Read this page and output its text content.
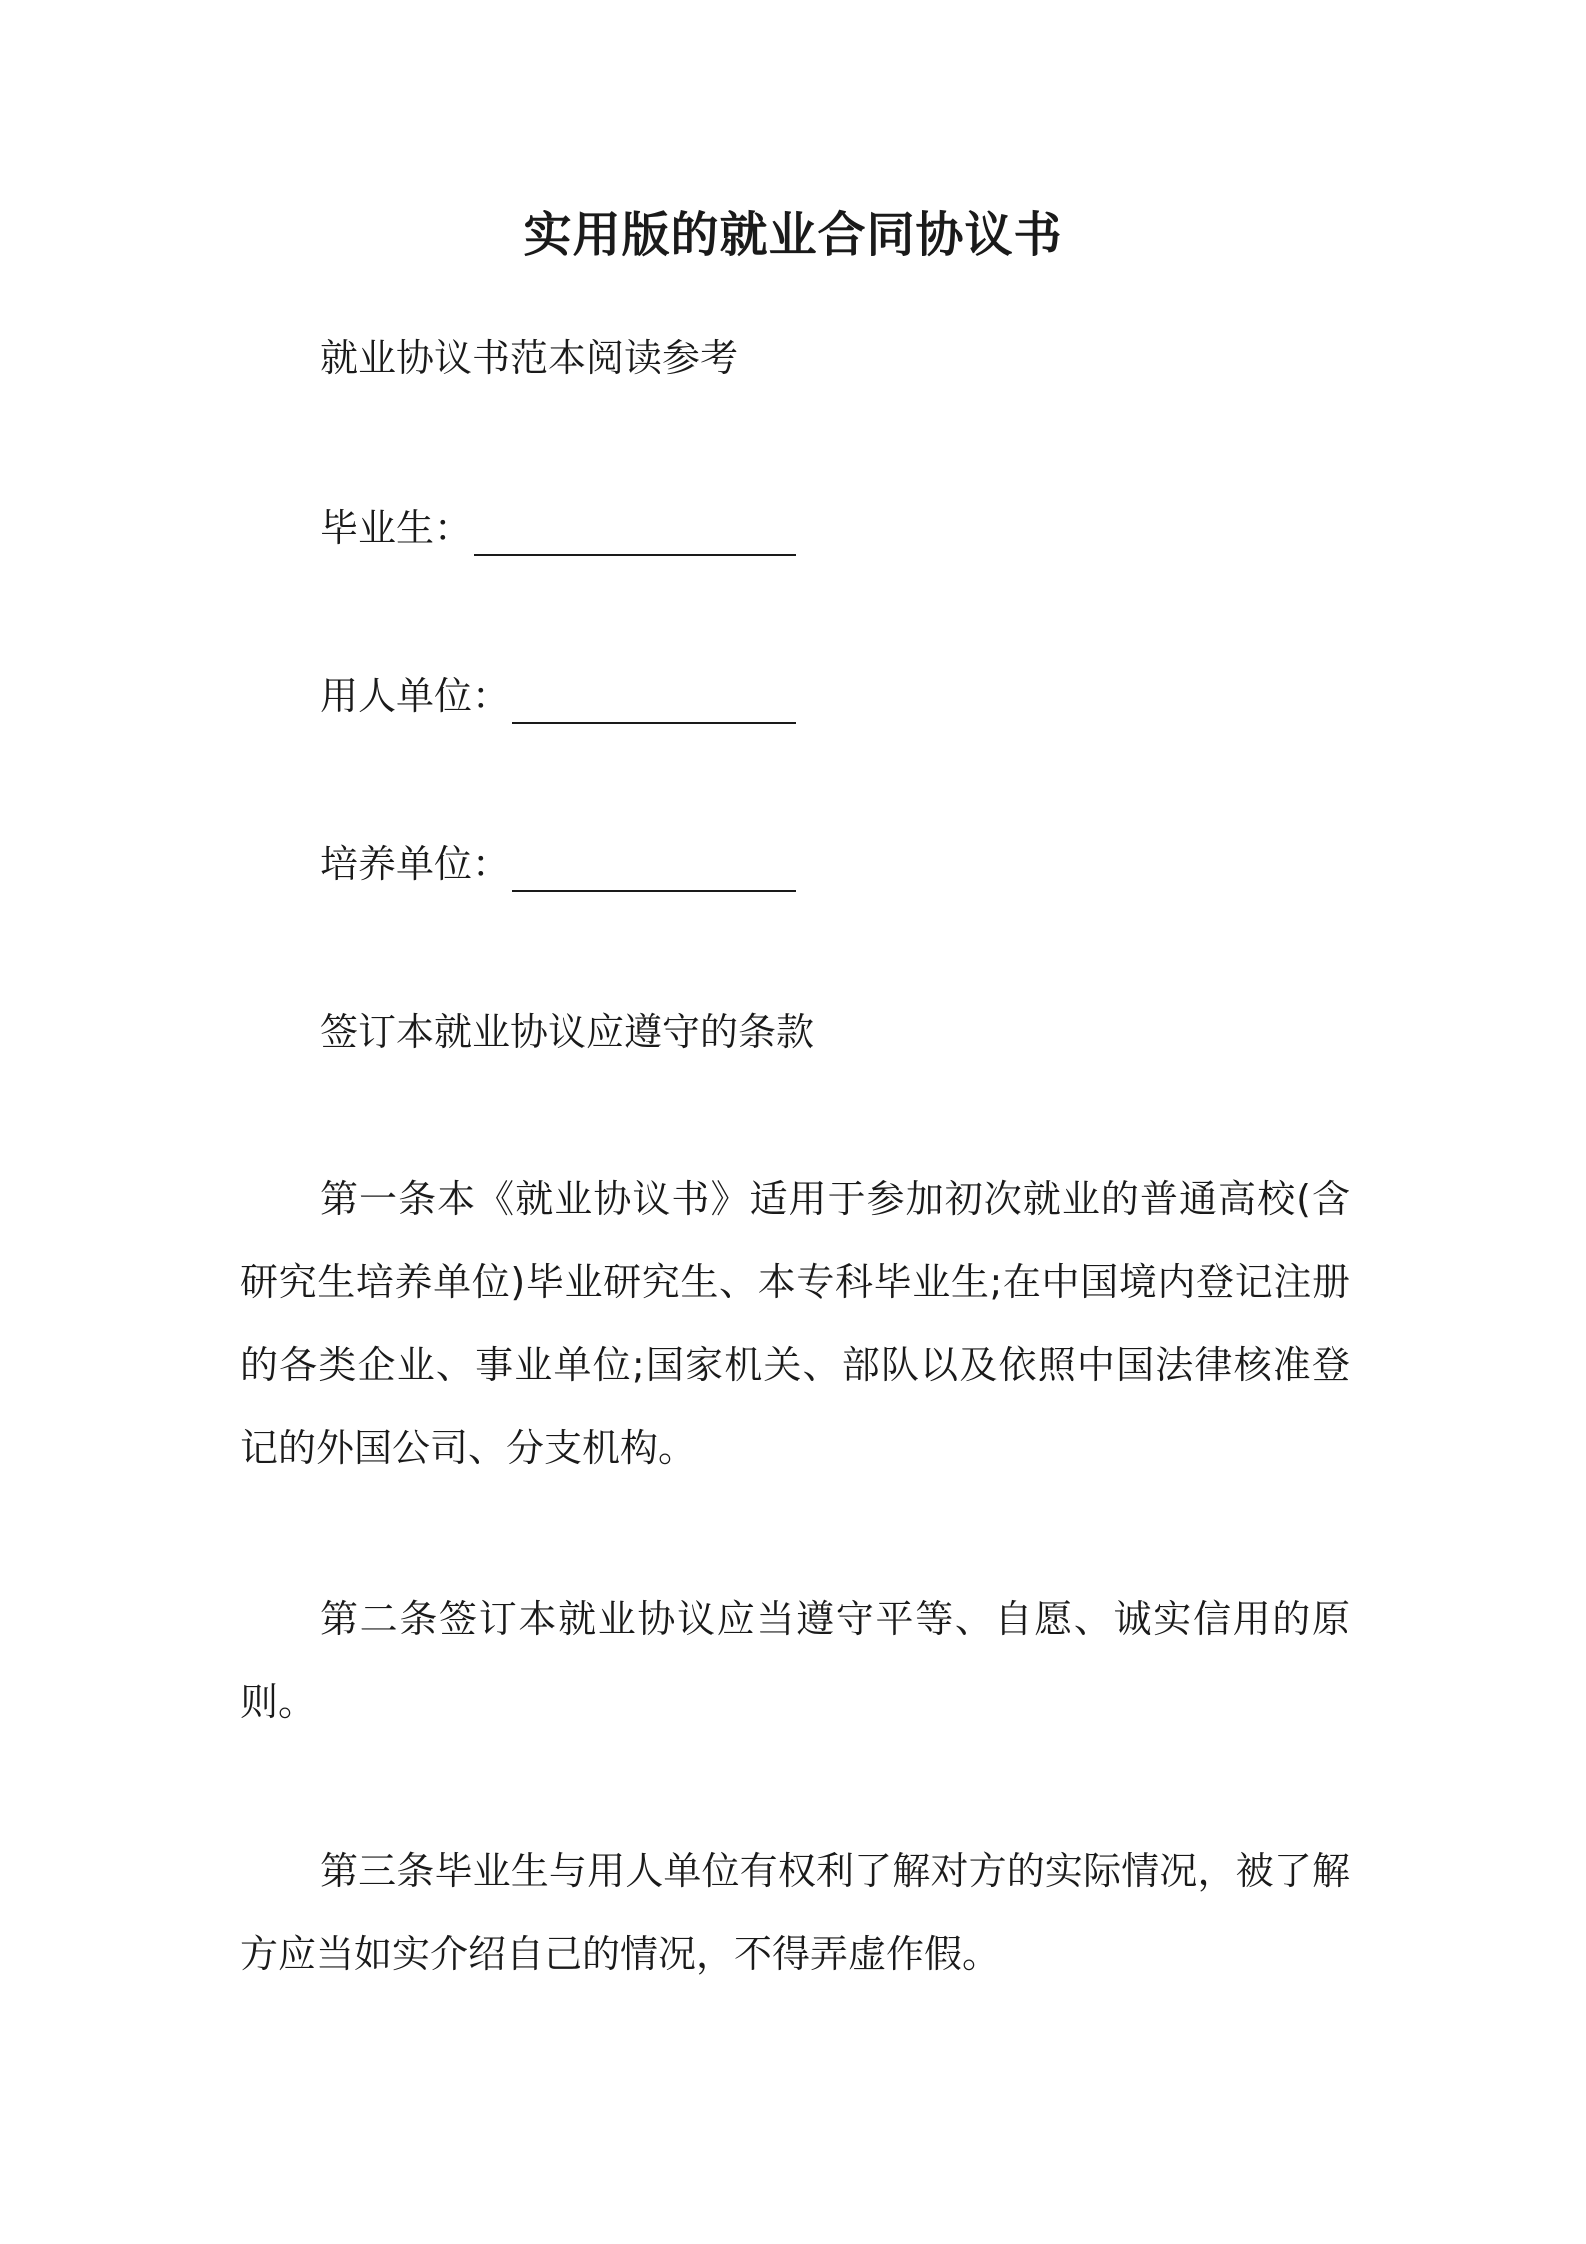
实用版的就业合同协议书
就业协议书范本阅读参考
毕业生：
用人单位：
培养单位：
签订本就业协议应遵守的条款
第一条本《就业协议书》适用于参加初次就业的普通高校(含研究生培养单位)毕业研究生、本专科毕业生;在中国境内登记注册的各类企业、事业单位;国家机关、部队以及依照中国法律核准登记的外国公司、分支机构。
第二条签订本就业协议应当遵守平等、自愿、诚实信用的原则。
第三条毕业生与用人单位有权利了解对方的实际情况，被了解方应当如实介绍自己的情况，不得弄虚作假。
